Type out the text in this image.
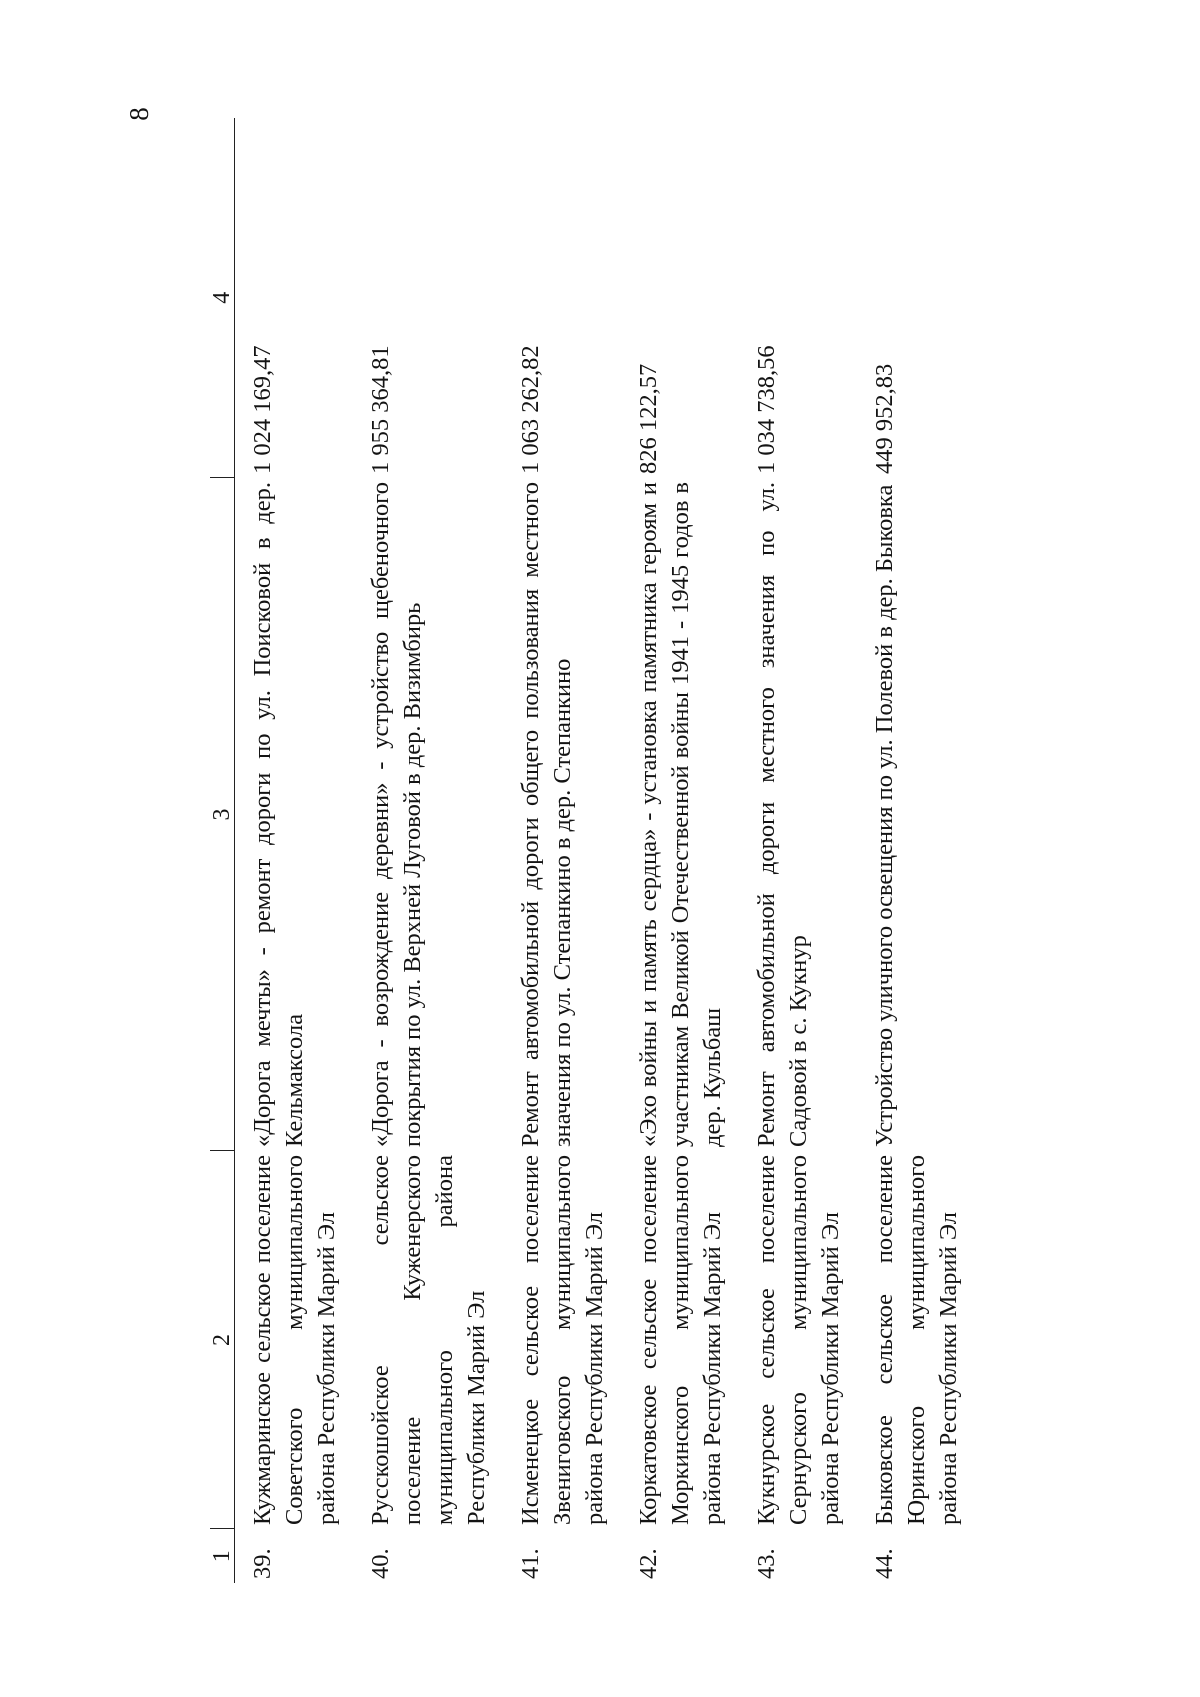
8
1	2	3	4
39.	Кужмаринское сельское поселение Советского муниципального района Республики Марий Эл	«Дорога мечты» - ремонт дороги по ул. Поисковой в дер. Кельмаксола	1 024 169,47
40.	Русскошойское сельское поселение Куженерского муниципального района Республики Марий Эл	«Дорога - возрождение деревни» - устройство щебеночного покрытия по ул. Верхней Луговой в дер. Визимбирь	1 955 364,81
41.	Исменецкое сельское поселение Звениговского муниципального района Республики Марий Эл	Ремонт автомобильной дороги общего пользования местного значения по ул. Степанкино в дер. Степанкино	1 063 262,82
42.	Коркатовское сельское поселение Моркинского муниципального района Республики Марий Эл	«Эхо войны и память сердца» - установка памятника героям и участникам Великой Отечественной войны 1941 - 1945 годов в дер. Кульбаш	826 122,57
43.	Кукнурское сельское поселение Сернурского муниципального района Республики Марий Эл	Ремонт автомобильной дороги местного значения по ул. Садовой в с. Кукнур	1 034 738,56
44.	Быковское сельское поселение Юринского муниципального района Республики Марий Эл	Устройство уличного освещения по ул. Полевой в дер. Быковка	449 952,83
